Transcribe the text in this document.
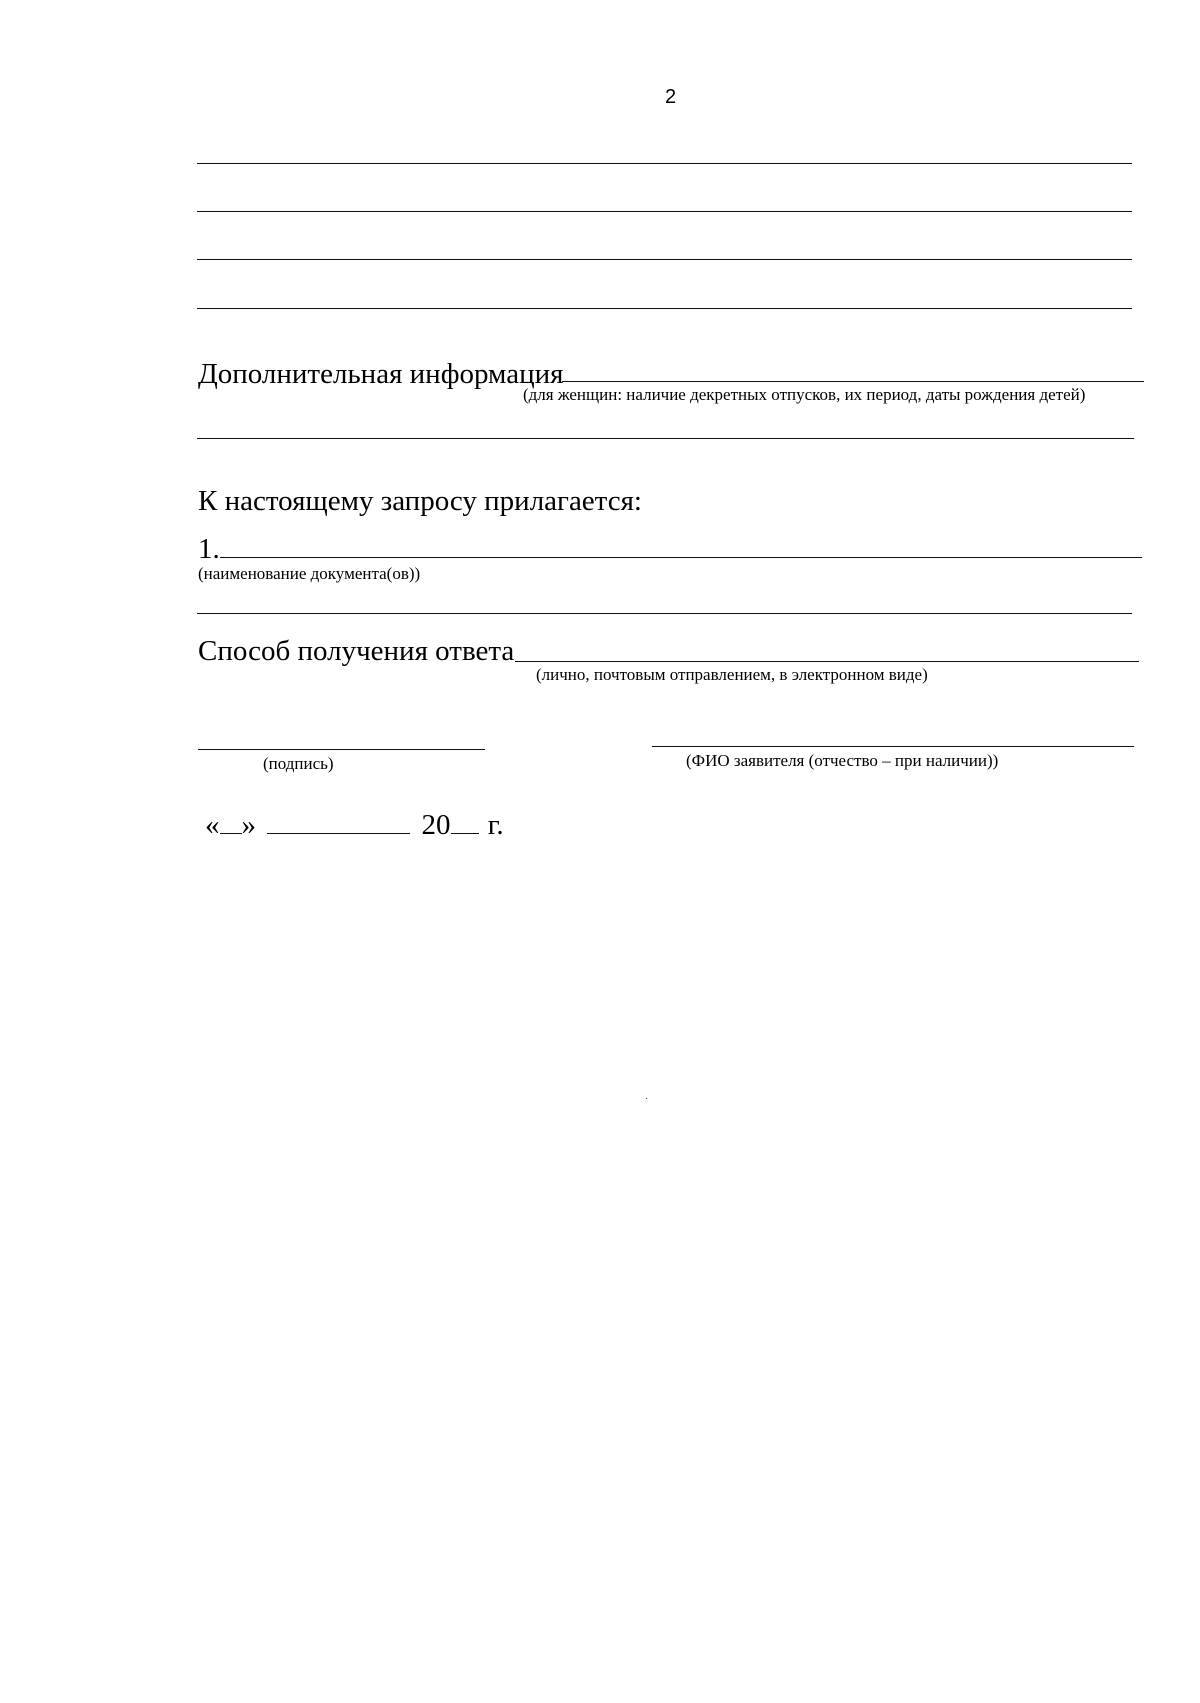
2
Дополнительная информация
(для женщин: наличие декретных отпусков, их период, даты рождения детей)
К настоящему запросу прилагается:
1.
(наименование документа(ов))
Способ получения ответа
(лично, почтовым отправлением, в электронном виде)
(подпись)	(ФИО заявителя (отчество – при наличии))
« »	20 г.
․
